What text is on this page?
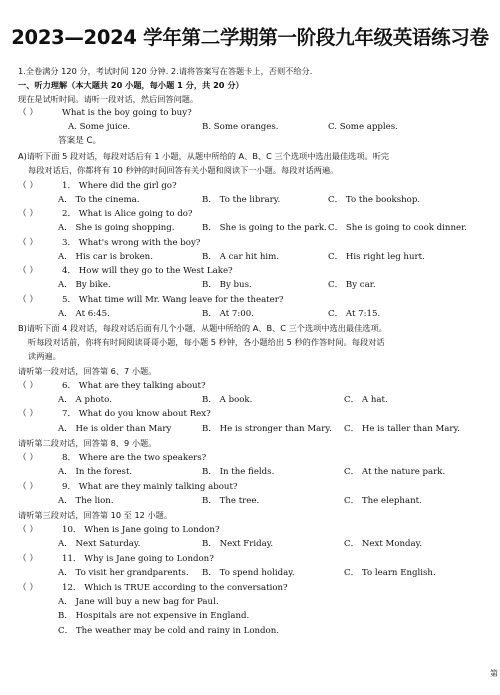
2023—2024 学年第二学期第一阶段九年级英语练习卷
1.全卷满分 120 分，考试时间 120 分钟. 2.请将答案写在答题卡上，否则不给分.
一、听力理解（本大题共 20 小题，每小题 1 分，共 20 分）
现在是试听时间。请听一段对话，然后回答问题。
（ ）	What is the boy going to buy?
A. Some juice.	B. Some oranges.	C. Some apples.
答案是 C。
A)请听下面 5 段对话，每段对话后有 1 小题，从题中所给的 A、B、C 三个选项中选出最佳选项。听完
每段对话后，你都将有 10 秒钟的时间回答有关小题和阅读下一小题。每段对话两遍。
（ ）	1． Where did the girl go?
A． To the cinema.	B． To the library.	C． To the bookshop.
（ ）	2． What is Alice going to do?
A． She is going shopping.	B． She is going to the park. C． She is going to cook dinner.
（ ）	3． What's wrong with the boy?
A． His car is broken.	B． A car hit him.	C． His right leg hurt.
（ ）	4． How will they go to the West Lake?
A． By bike.	B． By bus.	C． By car.
（ ）	5． What time will Mr. Wang leave for the theater?
A． At 6:45.	B． At 7:00.	C． At 7:15.
B)请听下面 4 段对话，每段对话后面有几个小题，从题中所给的 A、B、C 三个选项中选出最佳选项。
听每段对话前，你将有时间阅读哥哥小题，每小题 5 秒钟，各小题给出 5 秒的作答时间。每段对话
读两遍。
请听第一段对话，回答第 6、7 小题。
（ ）	6． What are they talking about?
A． A photo.	B． A book.	C． A hat.
（ ）	7． What do you know about Rex?
A． He is older than Mary	B． He is stronger than Mary. C． He is taller than Mary.
请听第二段对话，回答第 8、9 小题。
（ ）	8． Where are the two speakers?
A． In the forest.	B． In the fields.	C． At the nature park.
（ ）	9． What are they mainly talking about?
A． The lion.	B． The tree.	C． The elephant.
请听第三段对话，回答第 10 至 12 小题。
（ ）	10． When is Jane going to London?
A． Next Saturday.	B． Next Friday.	C． Next Monday.
（ ）	11． Why is Jane going to London?
A． To visit her grandparents. B． To spend holiday.	C． To learn English.
（ ）	12． Which is TRUE according to the conversation?
A． Jane will buy a new bag for Paul.
B． Hospitals are not expensive in England.
C． The weather may be cold and rainy in London.
第
